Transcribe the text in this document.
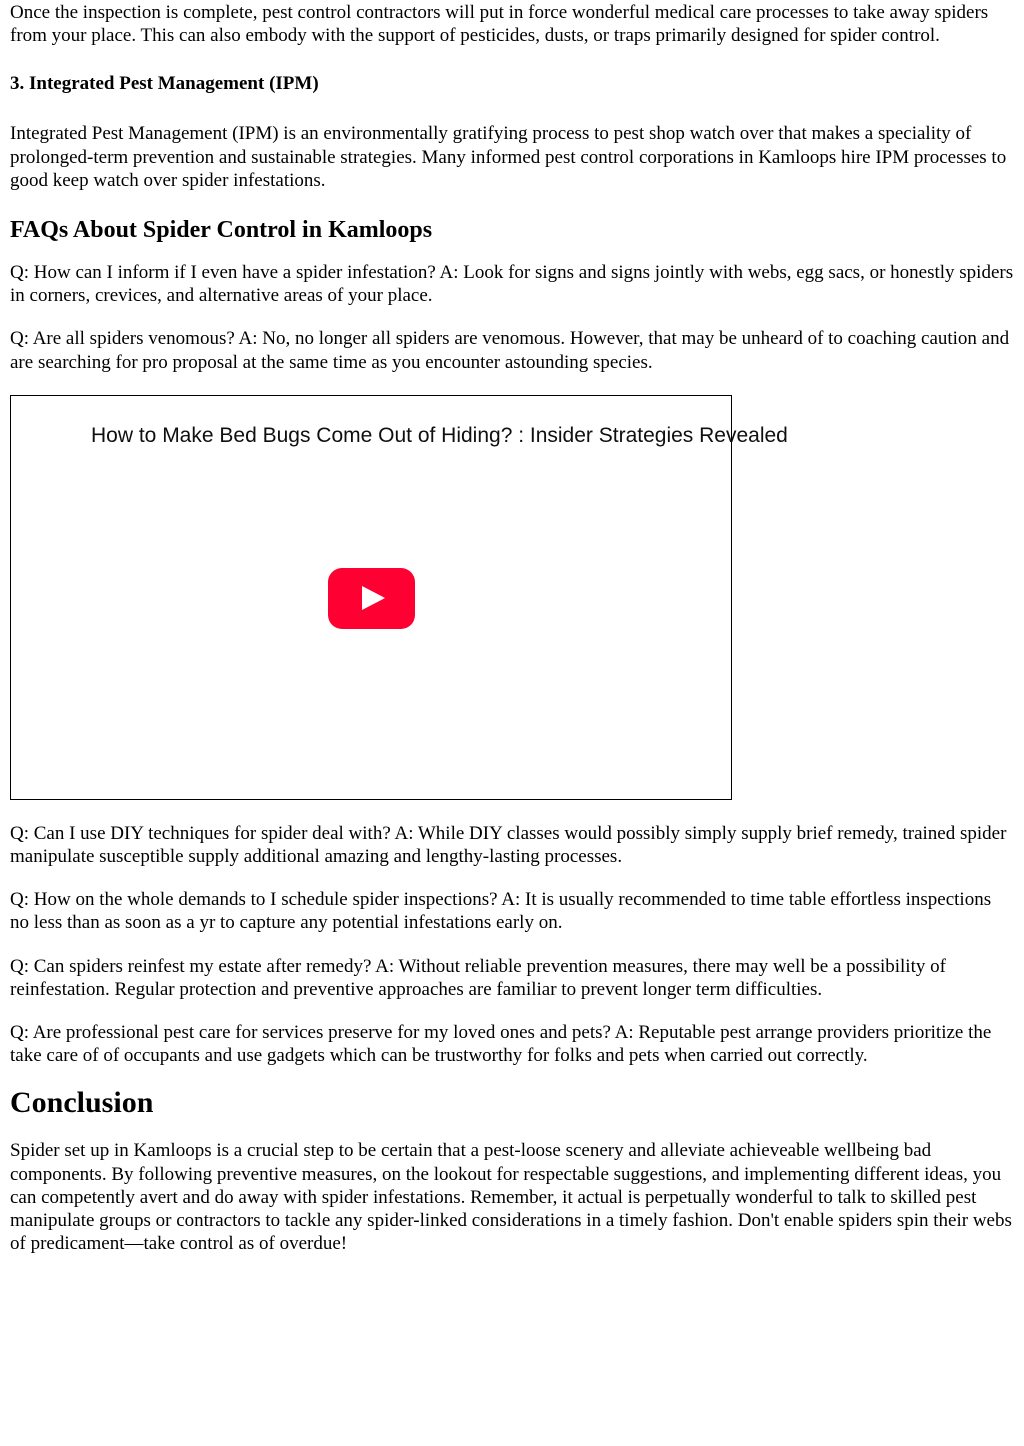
Once the inspection is complete, pest control contractors will put in force wonderful medical care processes to take away spiders from your place. This can also embody with the support of pesticides, dusts, or traps primarily designed for spider control.

3. Integrated Pest Management (IPM)

Integrated Pest Management (IPM) is an environmentally gratifying process to pest shop watch over that makes a speciality of prolonged-term prevention and sustainable strategies. Many informed pest control corporations in Kamloops hire IPM processes to good keep watch over spider infestations.

FAQs About Spider Control in Kamloops

Q: How can I inform if I even have a spider infestation? A: Look for signs and signs jointly with webs, egg sacs, or honestly spiders in corners, crevices, and alternative areas of your place.

Q: Are all spiders venomous? A: No, no longer all spiders are venomous. However, that may be unheard of to coaching caution and are searching for pro proposal at the same time as you encounter astounding species.

How to Make Bed Bugs Come Out of Hiding? : Insider Strategies Revealed

Q: Can I use DIY techniques for spider deal with? A: While DIY classes would possibly simply supply brief remedy, trained spider manipulate susceptible supply additional amazing and lengthy-lasting processes.

Q: How on the whole demands to I schedule spider inspections? A: It is usually recommended to time table effortless inspections no less than as soon as a yr to capture any potential infestations early on.

Q: Can spiders reinfest my estate after remedy? A: Without reliable prevention measures, there may well be a possibility of reinfestation. Regular protection and preventive approaches are familiar to prevent longer term difficulties.

Q: Are professional pest care for services preserve for my loved ones and pets? A: Reputable pest arrange providers prioritize the take care of of occupants and use gadgets which can be trustworthy for folks and pets when carried out correctly.

Conclusion

Spider set up in Kamloops is a crucial step to be certain that a pest-loose scenery and alleviate achieveable wellbeing bad components. By following preventive measures, on the lookout for respectable suggestions, and implementing different ideas, you can competently avert and do away with spider infestations. Remember, it actual is perpetually wonderful to talk to skilled pest manipulate groups or contractors to tackle any spider-linked considerations in a timely fashion. Don't enable spiders spin their webs of predicament—take control as of overdue!
